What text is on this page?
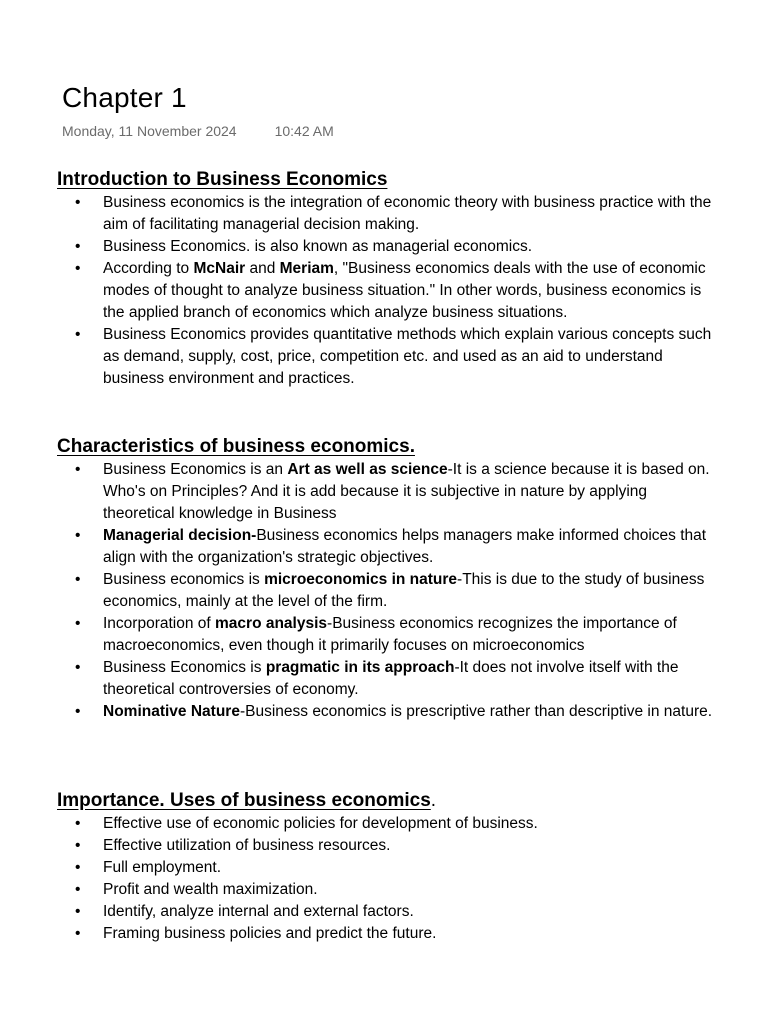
Chapter 1
Monday, 11 November 2024	10:42 AM
Introduction to Business Economics
• Business economics is the integration of economic theory with business practice with the aim of facilitating managerial decision making.
• Business Economics. is also known as managerial economics.
• According to McNair and Meriam, "Business economics deals with the use of economic modes of thought to analyze business situation." In other words, business economics is the applied branch of economics which analyze business situations.
• Business Economics provides quantitative methods which explain various concepts such as demand, supply, cost, price, competition etc. and used as an aid to understand business environment and practices.
Characteristics of business economics.
• Business Economics is an Art as well as science-It is a science because it is based on. Who's on Principles? And it is add because it is subjective in nature by applying theoretical knowledge in Business
• Managerial decision-Business economics helps managers make informed choices that align with the organization's strategic objectives.
• Business economics is microeconomics in nature-This is due to the study of business economics, mainly at the level of the firm.
• Incorporation of macro analysis-Business economics recognizes the importance of macroeconomics, even though it primarily focuses on microeconomics
• Business Economics is pragmatic in its approach-It does not involve itself with the theoretical controversies of economy.
• Nominative Nature-Business economics is prescriptive rather than descriptive in nature.
Importance. Uses of business economics.
• Effective use of economic policies for development of business.
• Effective utilization of business resources.
• Full employment.
• Profit and wealth maximization.
• Identify, analyze internal and external factors.
• Framing business policies and predict the future.
